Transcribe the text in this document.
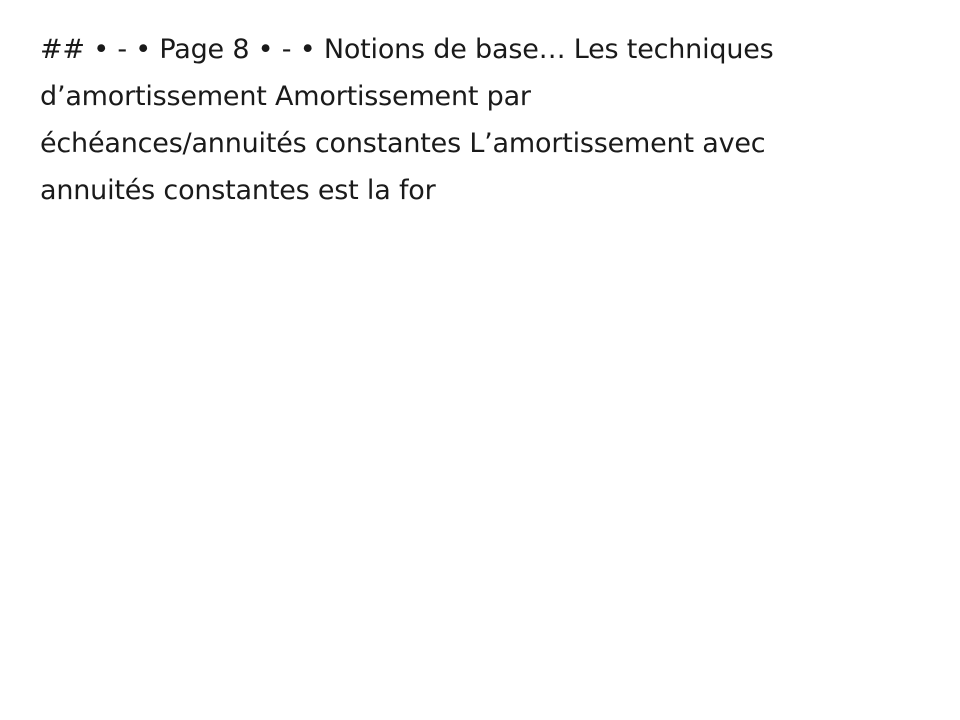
## • - • Page 8 • - • Notions de base… Les techniques
d’amortissement Amortissement par
échéances/annuités constantes L’amortissement avec
annuités constantes est la for
